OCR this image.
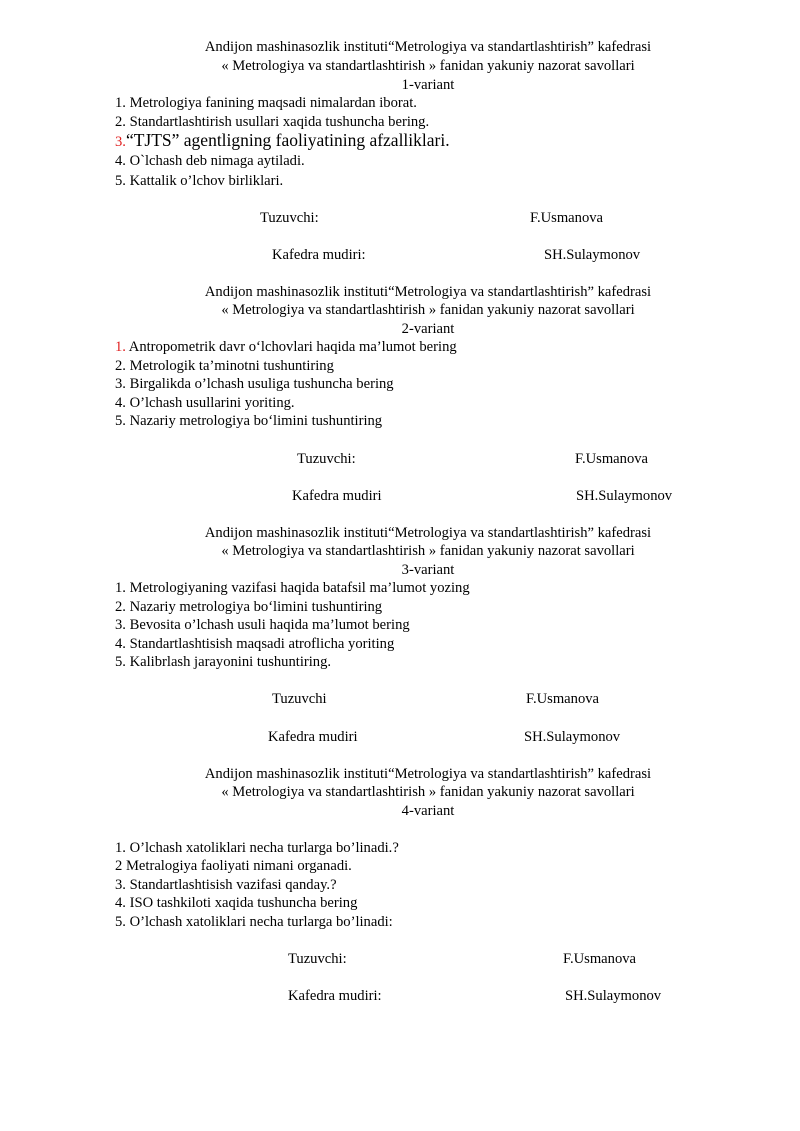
Andijon mashinasozlik instituti“Metrologiya va standartlashtirish” kafedrasi
« Metrologiya va standartlashtirish » fanidan yakuniy nazorat savollari
1-variant
1. Metrologiya fanining maqsadi nimalardan iborat.
2. Standartlashtirish usullari xaqida tushuncha bering.
3.“TJTS” agentligning faoliyatining afzalliklari.
4. O`lchash deb nimaga aytiladi.
5. Kattalik o’lchov birliklari.
Tuzuvchi:	F.Usmanova
Kafedra mudiri:	SH.Sulaymonov
Andijon mashinasozlik instituti“Metrologiya va standartlashtirish” kafedrasi
« Metrologiya va standartlashtirish » fanidan yakuniy nazorat savollari
2-variant
1. Antropometrik davr o‘lchovlari haqida ma’lumot bering
2. Metrologik ta’minotni tushuntiring
3. Birgalikda o’lchash usuliga tushuncha bering
4. O’lchash usullarini yoriting.
5. Nazariy metrologiya bo‘limini tushuntiring
Tuzuvchi:	F.Usmanova
Kafedra mudiri	SH.Sulaymonov
Andijon mashinasozlik instituti“Metrologiya va standartlashtirish” kafedrasi
« Metrologiya va standartlashtirish » fanidan yakuniy nazorat savollari
3-variant
1. Metrologiyaning vazifasi haqida batafsil ma’lumot yozing
2. Nazariy metrologiya bo‘limini tushuntiring
3. Bevosita o’lchash usuli haqida ma’lumot bering
4. Standartlashtisish maqsadi atroflicha yoriting
5. Kalibrlash jarayonini tushuntiring.
Tuzuvchi	F.Usmanova
Kafedra mudiri	SH.Sulaymonov
Andijon mashinasozlik instituti“Metrologiya va standartlashtirish” kafedrasi
« Metrologiya va standartlashtirish » fanidan yakuniy nazorat savollari
4-variant
1. O’lchash xatoliklari necha turlarga bo’linadi.?
2 Metralogiya faoliyati nimani organadi.
3. Standartlashtisish vazifasi qanday.?
4. ISO tashkiloti xaqida tushuncha bering
5. O’lchash xatoliklari necha turlarga bo’linadi:
Tuzuvchi:	F.Usmanova
Kafedra mudiri:	SH.Sulaymonov
